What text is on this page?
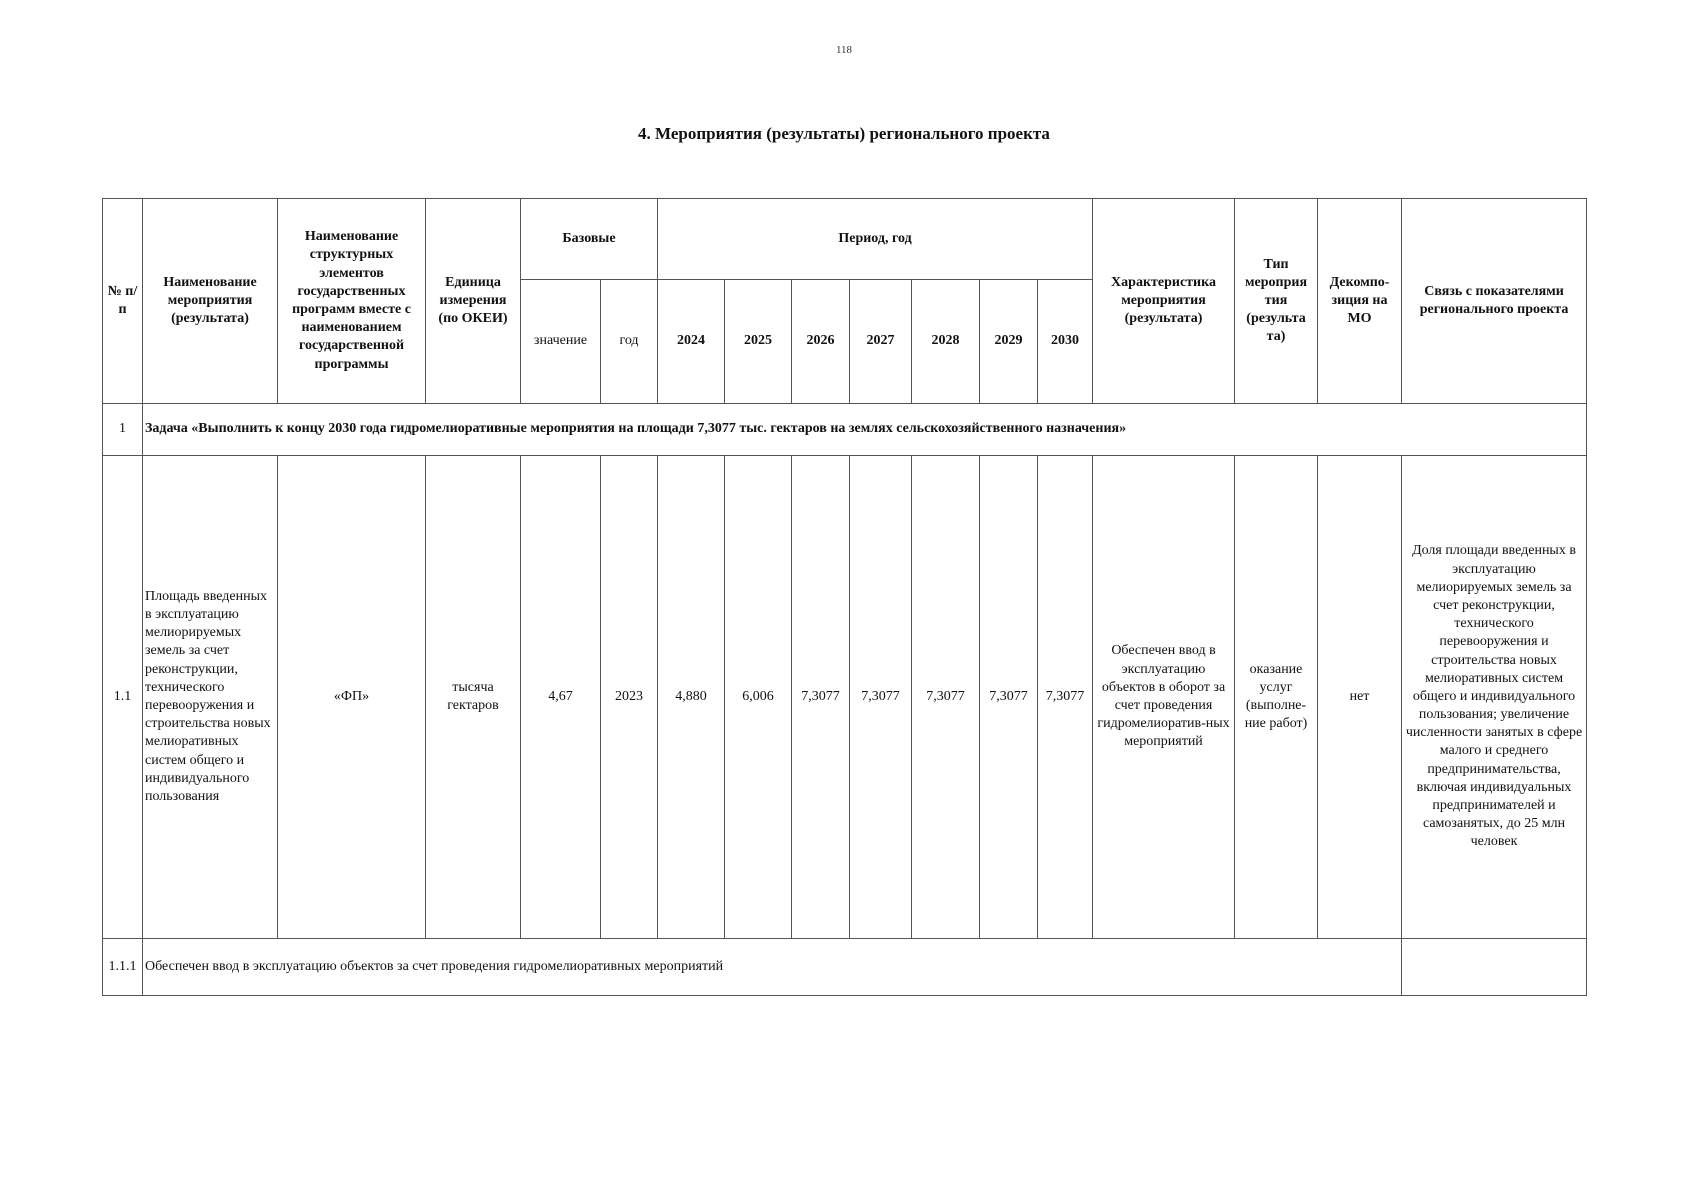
118
4. Мероприятия (результаты) регионального проекта
№ п/п	Наименование мероприятия (результата)	Наименование структурных элементов государственных программ вместе с наименованием государственной программы	Единица измерения (по ОКЕИ)	Базовые		Период, год							Характеристика мероприятия (результата)	Тип мероприя тия (результа та)	Декомпо-зиция на МО	Связь с показателями регионального проекта
				значение	год	2024	2025	2026	2027	2028	2029	2030				
1	Задача «Выполнить к концу 2030 года гидромелиоративные мероприятия на площади 7,3077 тыс. гектаров на землях сельскохозяйственного назначения»															
1.1	Площадь введенных в эксплуатацию мелиорируемых земель за счет реконструкции, технического перевооружения и строительства новых мелиоративных систем общего и индивидуального пользования	«ФП»	тысяча гектаров	4,67	2023	4,880	6,006	7,3077	7,3077	7,3077	7,3077	7,3077	Обеспечен ввод в эксплуатацию объектов в оборот за счет проведения гидромелиоратив-ных мероприятий	оказание услуг (выполне-ние работ)	нет	Доля площади введенных в эксплуатацию мелиорируемых земель за счет реконструкции, технического перевооружения и строительства новых мелиоративных систем общего и индивидуального пользования; увеличение численности занятых в сфере малого и среднего предпринимательства, включая индивидуальных предпринимателей и самозанятых, до 25 млн человек
1.1.1	Обеспечен ввод в эксплуатацию объектов за счет проведения гидромелиоративных мероприятий															
